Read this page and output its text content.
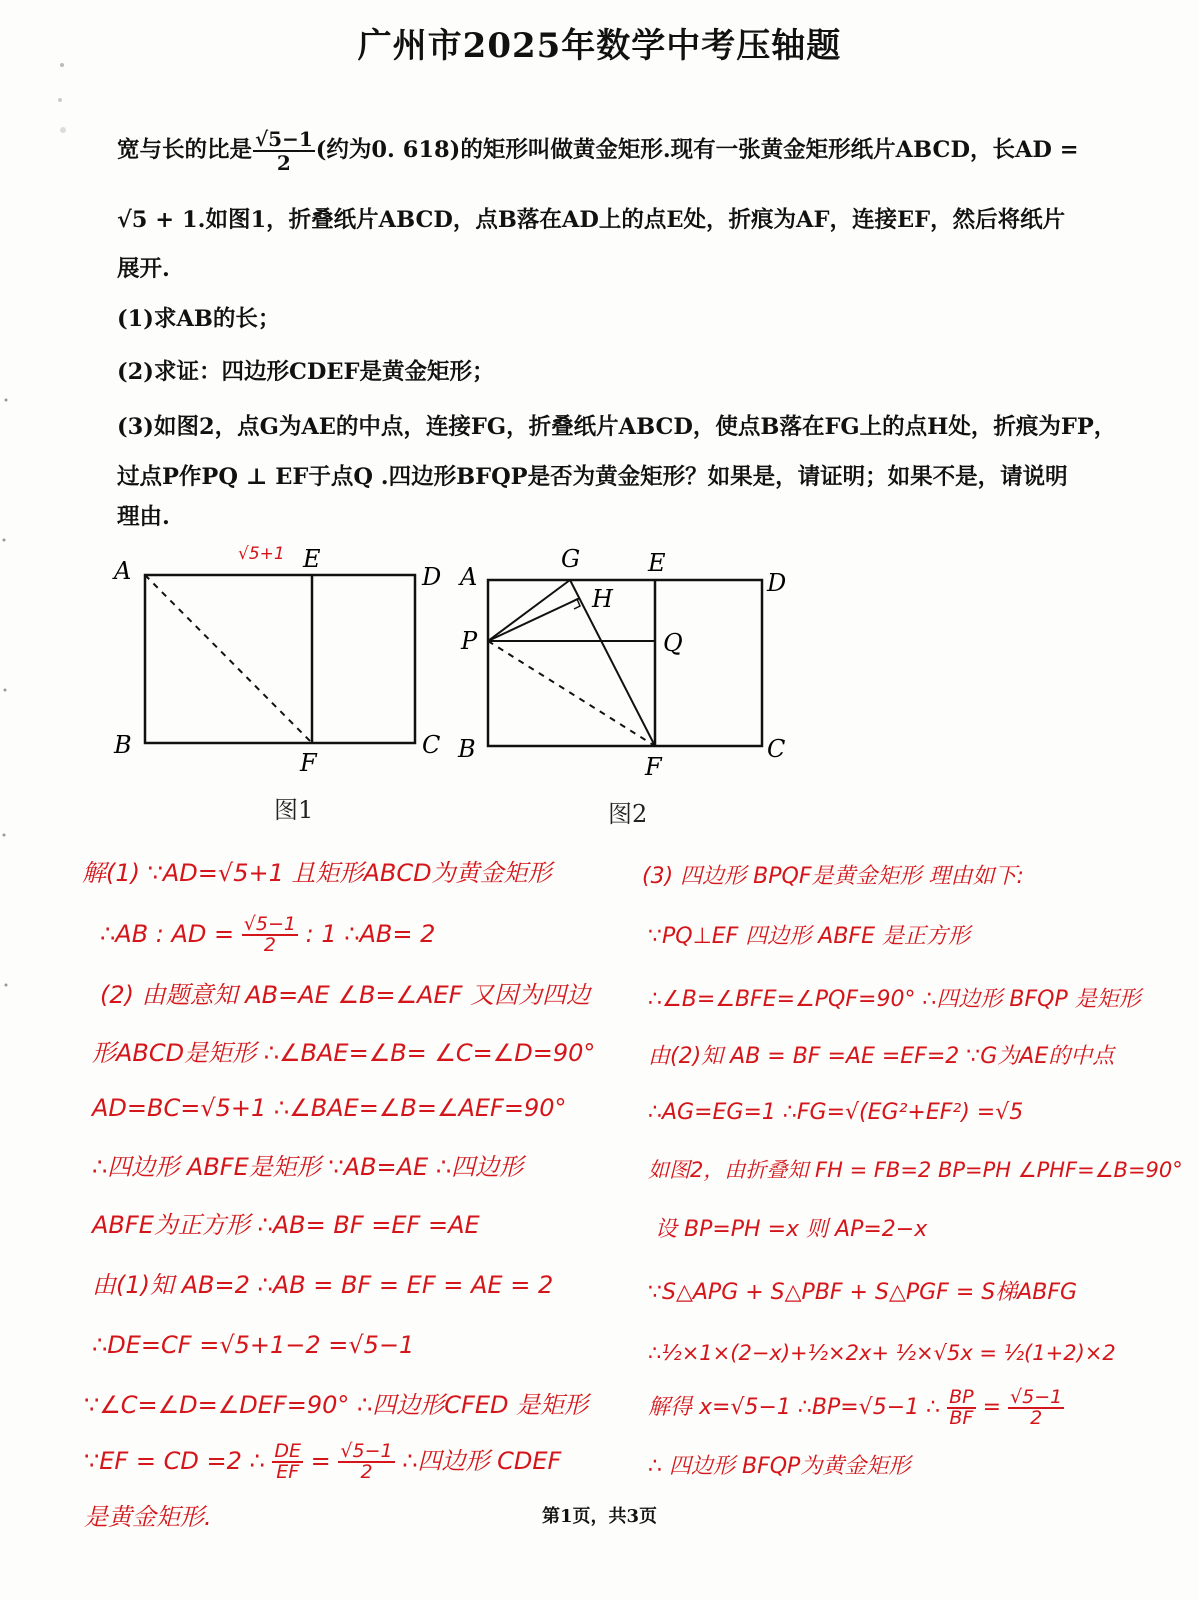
广州市2025年数学中考压轴题
宽与长的比是 $\frac{√5-1}{2}$ (约为0. 618)的矩形叫做黄金矩形.现有一张黄金矩形纸片ABCD，长AD =
√5 + 1.如图1，折叠纸片ABCD，点B落在AD上的点E处，折痕为AF，连接EF，然后将纸片
展开.
(1)求AB的长；
(2)求证：四边形CDEF是黄金矩形；
(3)如图2，点G为AE的中点，连接FG，折叠纸片ABCD，使点B落在FG上的点H处，折痕为FP，
过点P作PQ ⊥ EF于点Q .四边形BFQP是否为黄金矩形？如果是，请证明；如果不是，请说明
理由.
A
B	C
D
E
F
√5+1
图1
A
B	C
D
E
F
G
H
P	Q
图2
解(1) ∵AD=√5+1 且矩形ABCD为黄金矩形
∴AB : AD = $\frac{√5-1}{2}$ : 1 ∴AB= 2
(2) 由题意知 AB=AE ∠B=∠AEF 又因为四边
形ABCD是矩形 ∴∠BAE=∠B= ∠C=∠D=90°
AD=BC=√5+1 ∴∠BAE=∠B=∠AEF=90°
∴四边形 ABFE是矩形 ∵AB=AE ∴四边形
ABFE为正方形 ∴AB= BF =EF =AE
由(1)知 AB=2 ∴AB = BF = EF = AE = 2
∴DE=CF =√5+1−2 =√5−1
∵∠C=∠D=∠DEF=90° ∴四边形CFED 是矩形
∵EF = CD =2 ∴ $\frac{DE}{EF} = \frac{√5-1}{2}$ ∴四边形 CDEF
是黄金矩形.
(3) 四边形 BPQF是黄金矩形 理由如下:
∵PQ⊥EF 四边形 ABFE 是正方形
∴∠B=∠BFE=∠PQF=90° ∴四边形 BFQP 是矩形
由(2)知 AB = BF =AE =EF=2 ∵G为AE的中点
∴AG=EG=1 ∴FG=√(EG²+EF²) =√5
如图2，由折叠知 FH = FB=2 BP=PH ∠PHF=∠B=90°
设 BP=PH =x 则 AP=2−x
∵S△APG + S△PBF + S△PGF = S梯ABFG
∴½×1×(2−x)+½×2x+ ½×√5x = ½(1+2)×2
解得 x=√5−1 ∴BP=√5−1 ∴ $\frac{BP}{BF} = \frac{√5-1}{2}$
∴ 四边形 BFQP为黄金矩形
第1页，共3页
